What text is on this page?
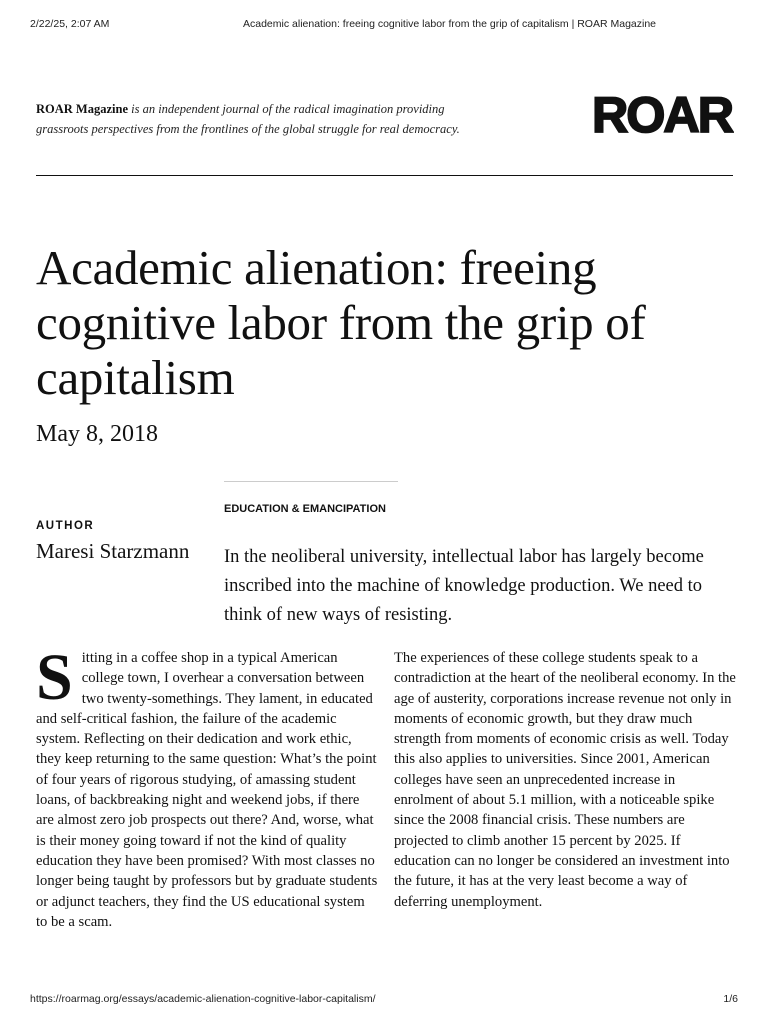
2/22/25, 2:07 AM	Academic alienation: freeing cognitive labor from the grip of capitalism | ROAR Magazine
ROAR Magazine is an independent journal of the radical imagination providing grassroots perspectives from the frontlines of the global struggle for real democracy.	ROAR
Academic alienation: freeing cognitive labor from the grip of capitalism
May 8, 2018
EDUCATION & EMANCIPATION
AUTHOR
Maresi Starzmann	In the neoliberal university, intellectual labor has largely become inscribed into the machine of knowledge production. We need to think of new ways of resisting.

S itting in a coffee shop in a typical American college town, I overhear a conversation between two twenty-somethings. They lament, in educated and self-critical fashion, the failure of the academic system. Reflecting on their dedication and work ethic, they keep returning to the same question: What’s the point of four years of rigorous studying, of amassing student loans, of backbreaking night and weekend jobs, if there are almost zero job prospects out there? And, worse, what is their money going toward if not the kind of quality education they have been promised? With most classes no longer being taught by professors but by graduate students or adjunct teachers, they find the US educational system to be a scam.

The experiences of these college students speak to a contradiction at the heart of the neoliberal economy. In the age of austerity, corporations increase revenue not only in moments of economic growth, but they draw much strength from moments of economic crisis as well. Today this also applies to universities. Since 2001, American colleges have seen an unprecedented increase in enrolment of about 5.1 million, with a noticeable spike since the 2008 financial crisis. These numbers are projected to climb another 15 percent by 2025. If education can no longer be considered an investment into the future, it has at the very least become a way of deferring unemployment.

https://roarmag.org/essays/academic-alienation-cognitive-labor-capitalism/	1/6
